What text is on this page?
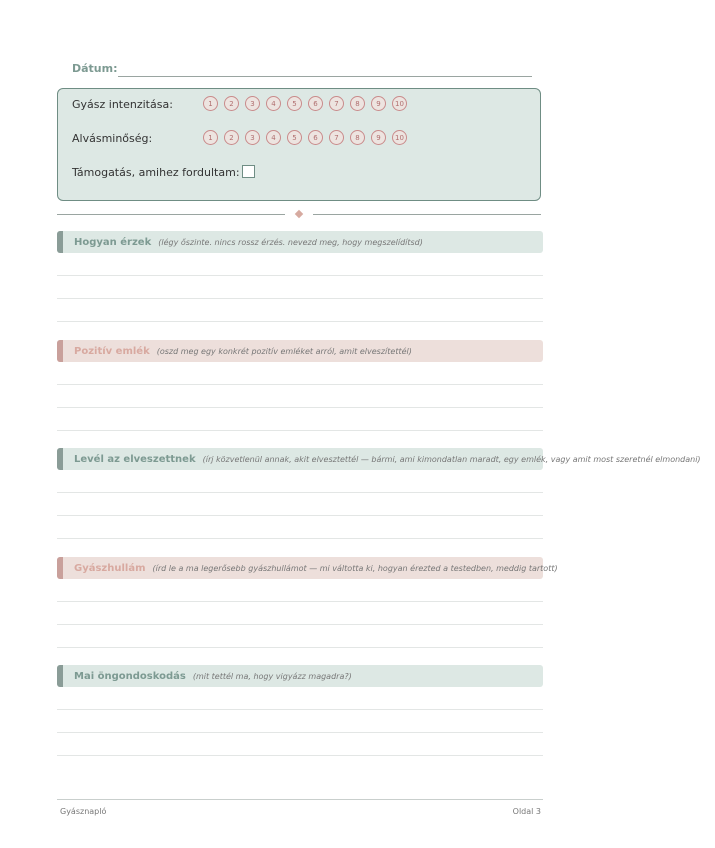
Dátum:
Gyász intenzitása:	1	2	3	4	5	6	7	8	9	10
Alvásminőség:	1	2	3	4	5	6	7	8	9	10
Támogatás, amihez fordultam:
Hogyan érzek (légy őszinte. nincs rossz érzés. nevezd meg, hogy megszelídítsd)
Pozitív emlék (oszd meg egy konkrét pozitív emléket arról, amit elveszítettél)
Levél az elveszettnek (írj közvetlenül annak, akit elvesztettél — bármi, ami kimondatlan maradt, egy emlék, vagy amit most szeretnél elmondani)
Gyászhullám (írd le a ma legerősebb gyászhullámot — mi váltotta ki, hogyan érezted a testedben, meddig tartott)
Mai öngondoskodás (mit tettél ma, hogy vigyázz magadra?)
Gyásznapló	Oldal 3
